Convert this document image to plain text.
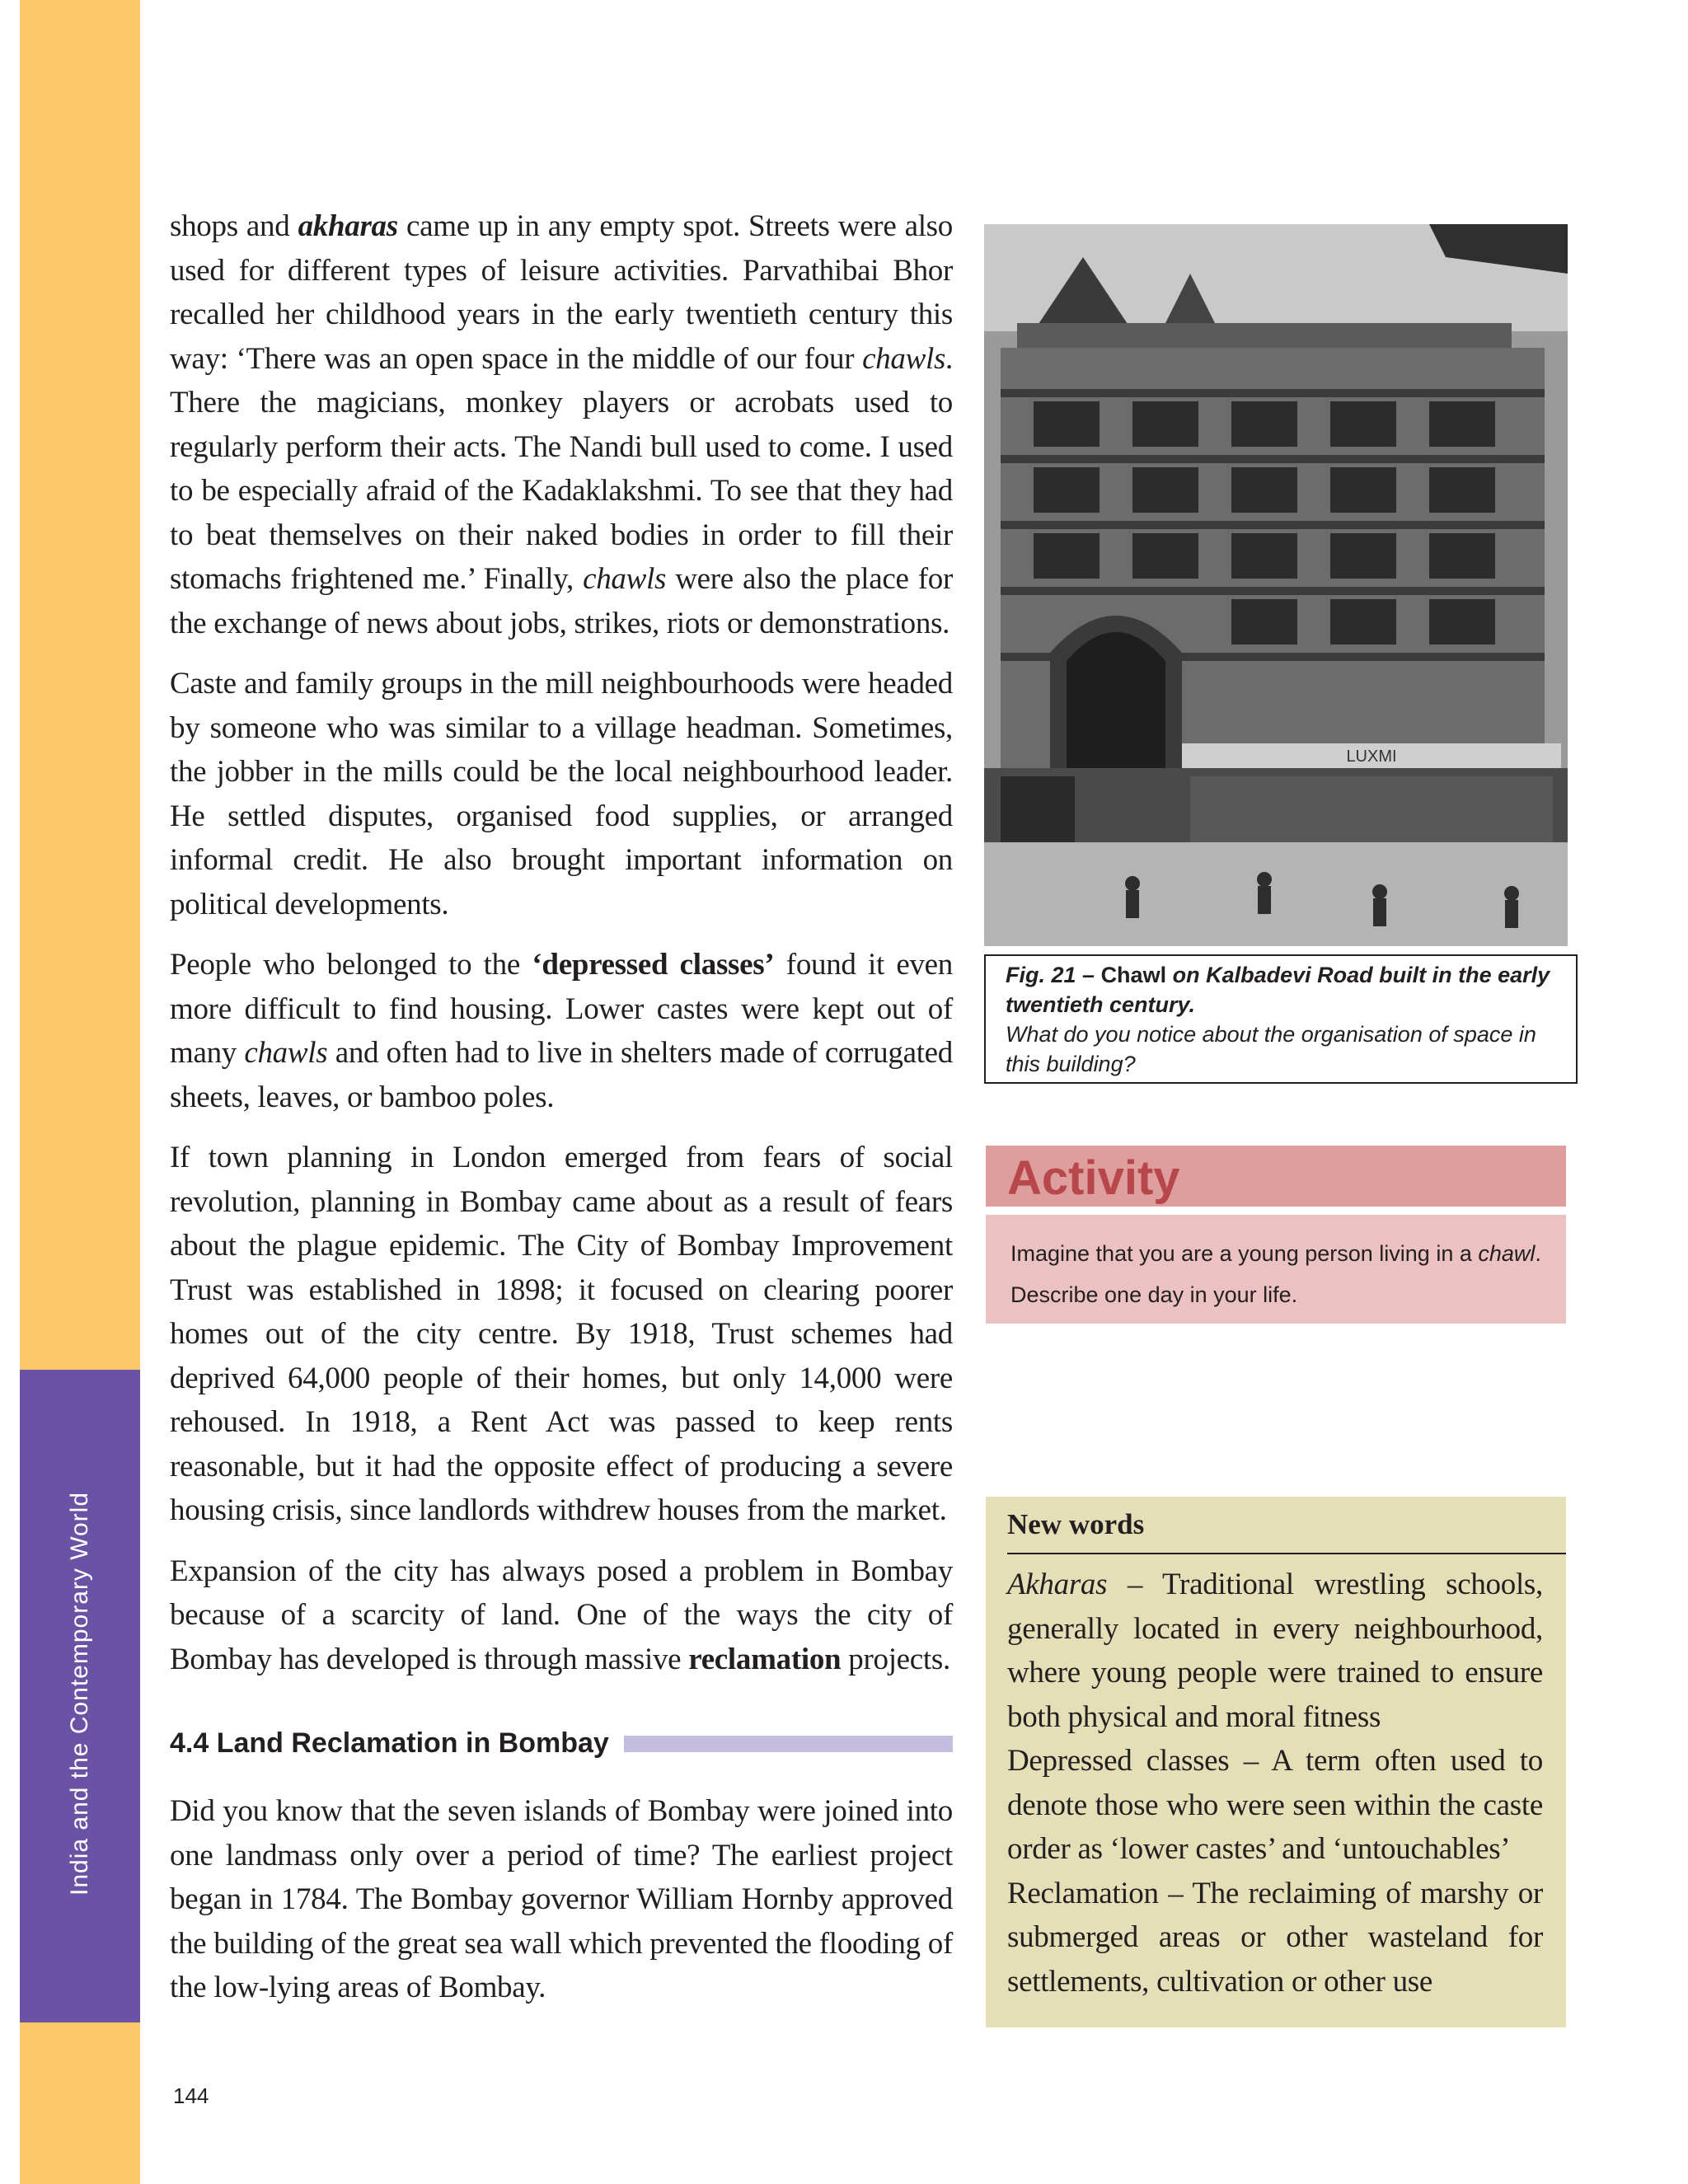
India and the Contemporary World

shops and akharas came up in any empty spot. Streets were also used for different types of leisure activities. Parvathibai Bhor recalled her childhood years in the early twentieth century this way: ‘There was an open space in the middle of our four chawls. There the magicians, monkey players or acrobats used to regularly perform their acts. The Nandi bull used to come. I used to be especially afraid of the Kadaklakshmi. To see that they had to beat themselves on their naked bodies in order to fill their stomachs frightened me.’ Finally, chawls were also the place for the exchange of news about jobs, strikes, riots or demonstrations.

Caste and family groups in the mill neighbourhoods were headed by someone who was similar to a village headman. Sometimes, the jobber in the mills could be the local neighbourhood leader. He settled disputes, organised food supplies, or arranged informal credit. He also brought important information on political developments.

People who belonged to the ‘depressed classes’ found it even more difficult to find housing. Lower castes were kept out of many chawls and often had to live in shelters made of corrugated sheets, leaves, or bamboo poles.

If town planning in London emerged from fears of social revolution, planning in Bombay came about as a result of fears about the plague epidemic. The City of Bombay Improvement Trust was established in 1898; it focused on clearing poorer homes out of the city centre. By 1918, Trust schemes had deprived 64,000 people of their homes, but only 14,000 were rehoused. In 1918, a Rent Act was passed to keep rents reasonable, but it had the opposite effect of producing a severe housing crisis, since landlords withdrew houses from the market.

Expansion of the city has always posed a problem in Bombay because of a scarcity of land. One of the ways the city of Bombay has developed is through massive reclamation projects.

4.4 Land Reclamation in Bombay

Did you know that the seven islands of Bombay were joined into one landmass only over a period of time? The earliest project began in 1784. The Bombay governor William Hornby approved the building of the great sea wall which prevented the flooding of the low-lying areas of Bombay.

144
LUXMI
Fig. 21 – Chawl on Kalbadevi Road built in the early twentieth century.
What do you notice about the organisation of space in this building?
Activity
Imagine that you are a young person living in a chawl. Describe one day in your life.
New words
Akharas – Traditional wrestling schools, generally located in every neighbourhood, where young people were trained to ensure both physical and moral fitness
Depressed classes – A term often used to denote those who were seen within the caste order as ‘lower castes’ and ‘untouchables’
Reclamation – The reclaiming of marshy or submerged areas or other wasteland for settlements, cultivation or other use
